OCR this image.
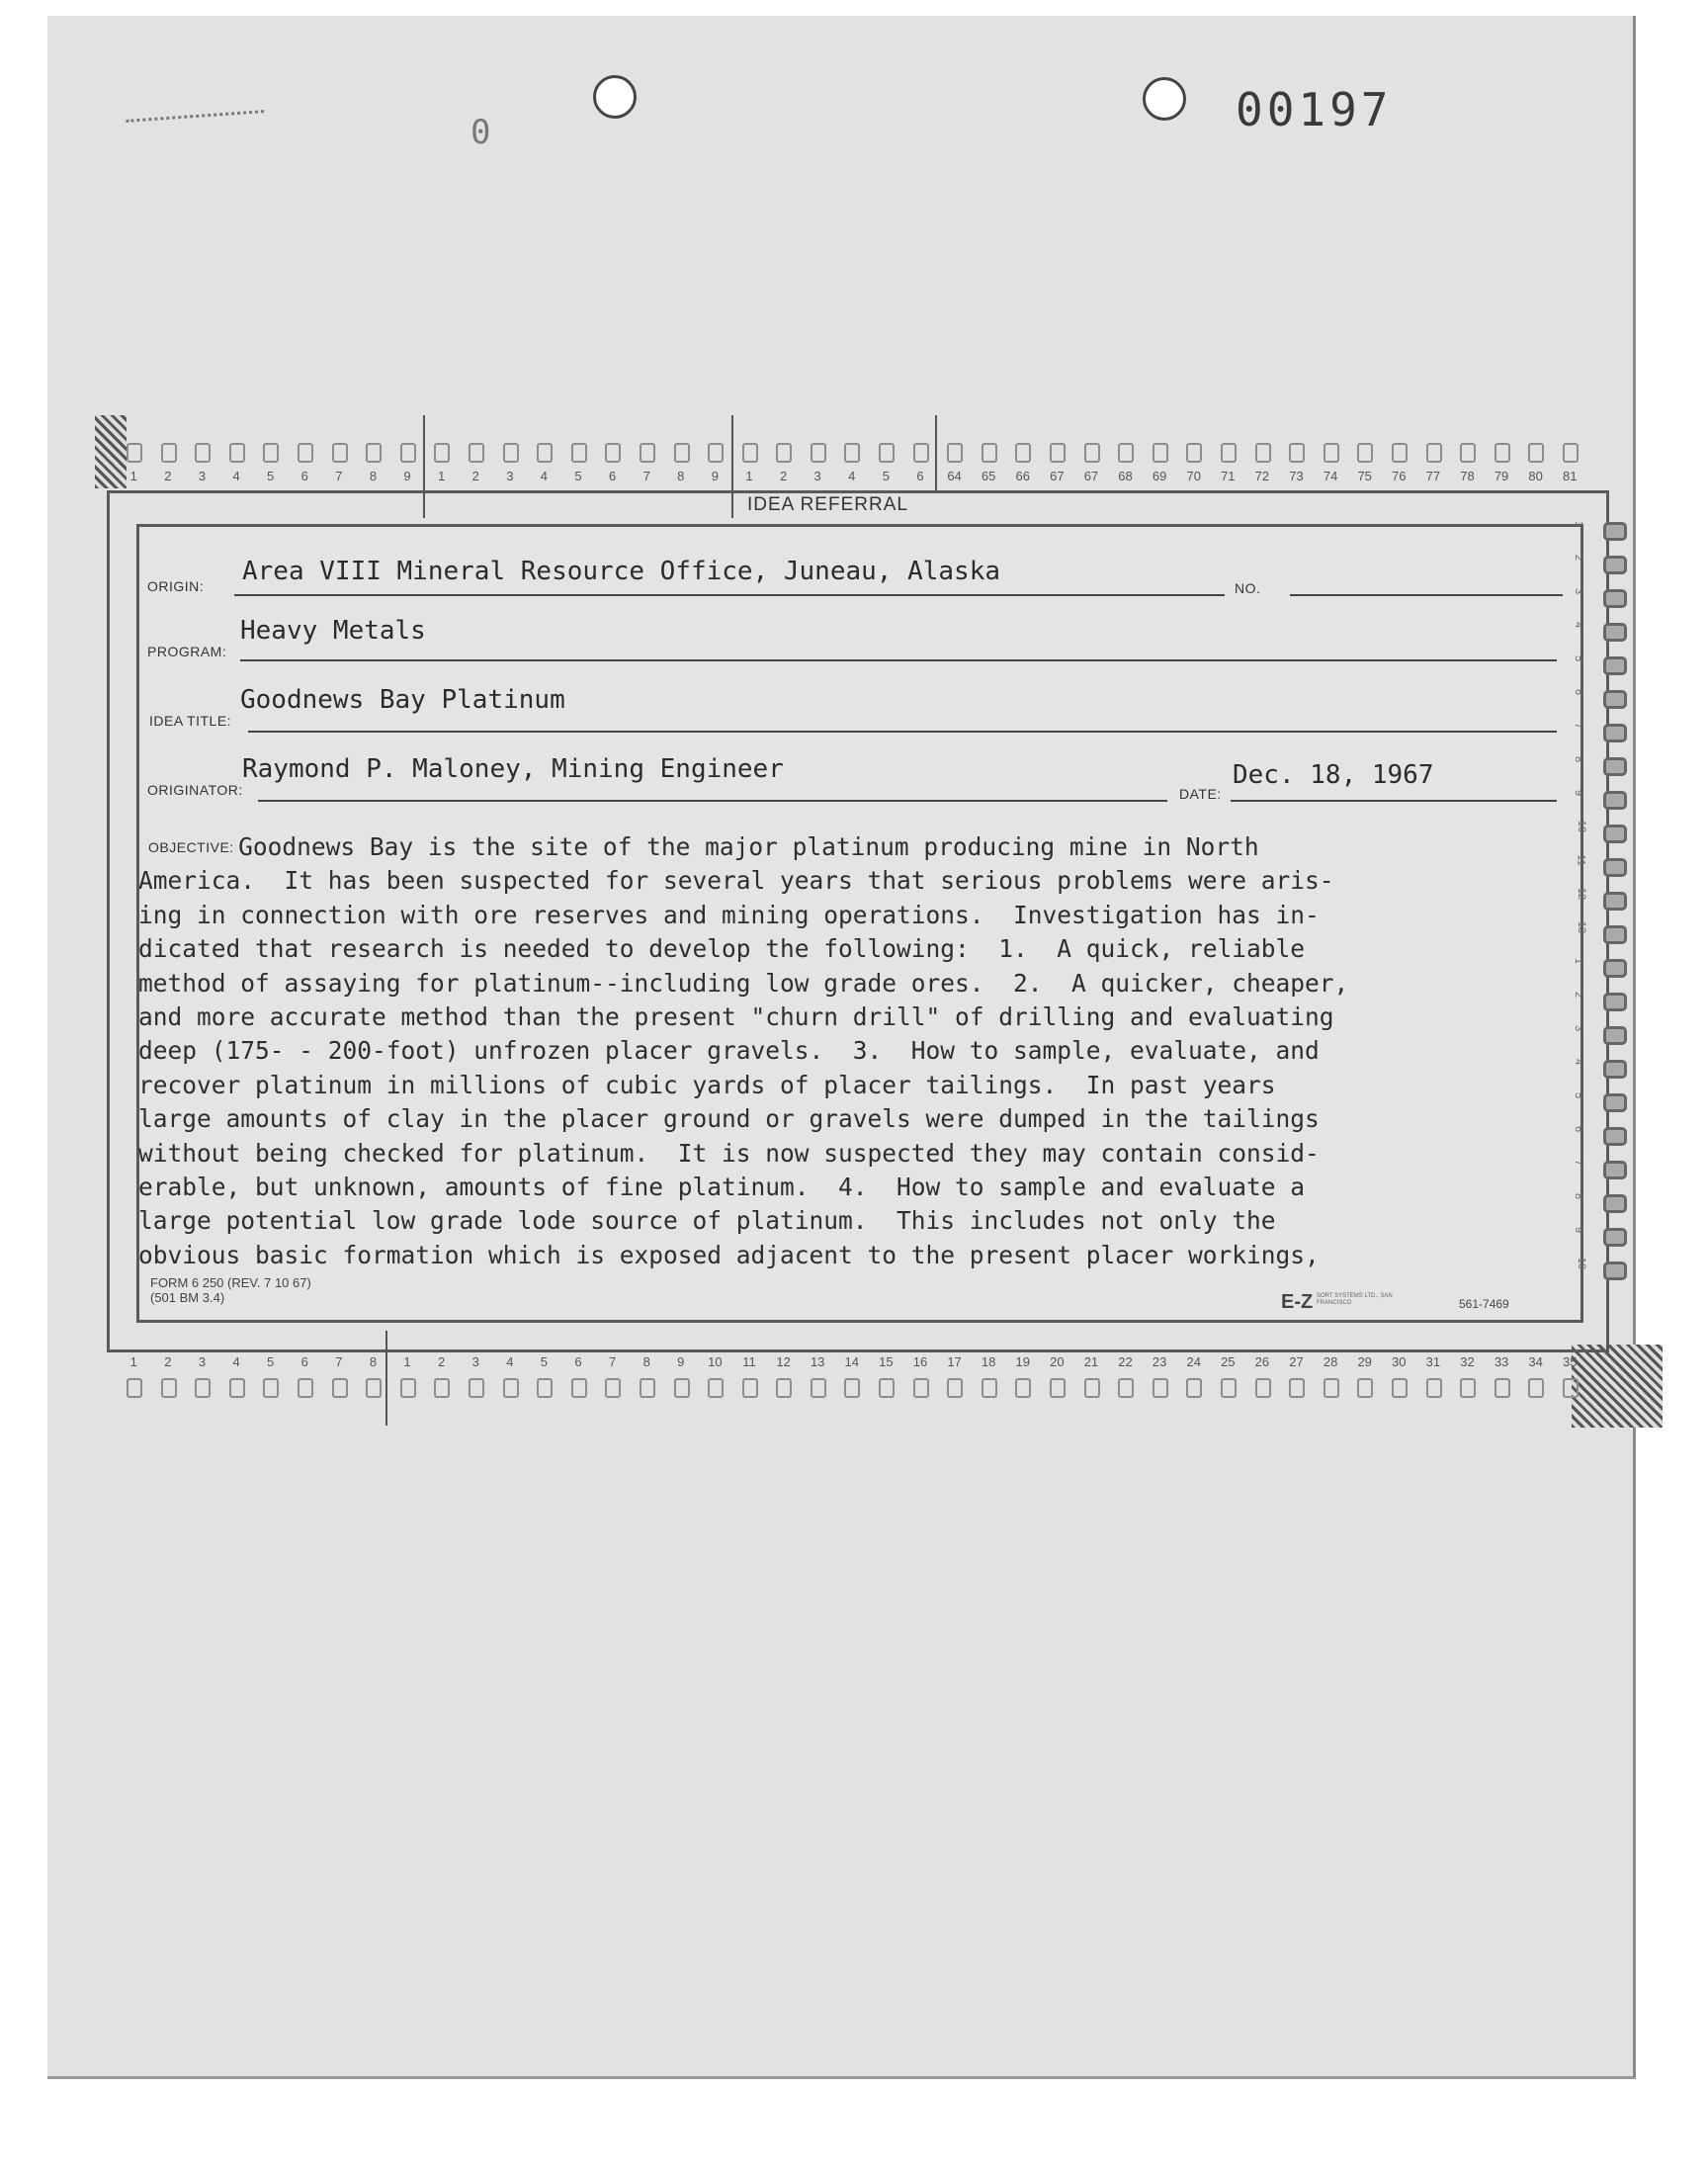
0	00197
1	2	3	4	5	6	7	8	9	1	2	3	4	5	6	7	8	9	1	2	3	4	5	6	64	65	66	67	67	68	69	70	71	72	73	74	75	76	77	78	79	80	81
IDEA REFERRAL
ORIGIN: Area VIII Mineral Resource Office, Juneau, Alaska
NO.
PROGRAM:
Heavy Metals
IDEA TITLE:
Goodnews Bay Platinum
ORIGINATOR:
Raymond P. Maloney, Mining Engineer
DATE:
Dec. 18, 1967
OBJECTIVE: Goodnews Bay is the site of the major platinum producing mine in North
America.  It has been suspected for several years that serious problems were aris-
ing in connection with ore reserves and mining operations.  Investigation has in-
dicated that research is needed to develop the following:  1.  A quick, reliable
method of assaying for platinum--including low grade ores.  2.  A quicker, cheaper,
and more accurate method than the present "churn drill" of drilling and evaluating
deep (175- - 200-foot) unfrozen placer gravels.  3.  How to sample, evaluate, and
recover platinum in millions of cubic yards of placer tailings.  In past years
large amounts of clay in the placer ground or gravels were dumped in the tailings
without being checked for platinum.  It is now suspected they may contain consid-
erable, but unknown, amounts of fine platinum.  4.  How to sample and evaluate a
large potential low grade lode source of platinum.  This includes not only the
obvious basic formation which is exposed adjacent to the present placer workings,
FORM 6 250 (REV. 7 10 67)
(501 BM 3.4)	E-Z SORT SYSTEMS LTD., SAN FRANCISCO	561-7469
1
2
3
4
5
6
7
8
9
10
11
12
13
1
2
3
4
5
6
7
8
9
10
1	2	3	4	5	6	7	8	1	2	3	4	5	6	7	8	9	10	11	12	13	14	15	16	17	18	19	20	21	22	23	24	25	26	27	28	29	30	31	32	33	34	35
